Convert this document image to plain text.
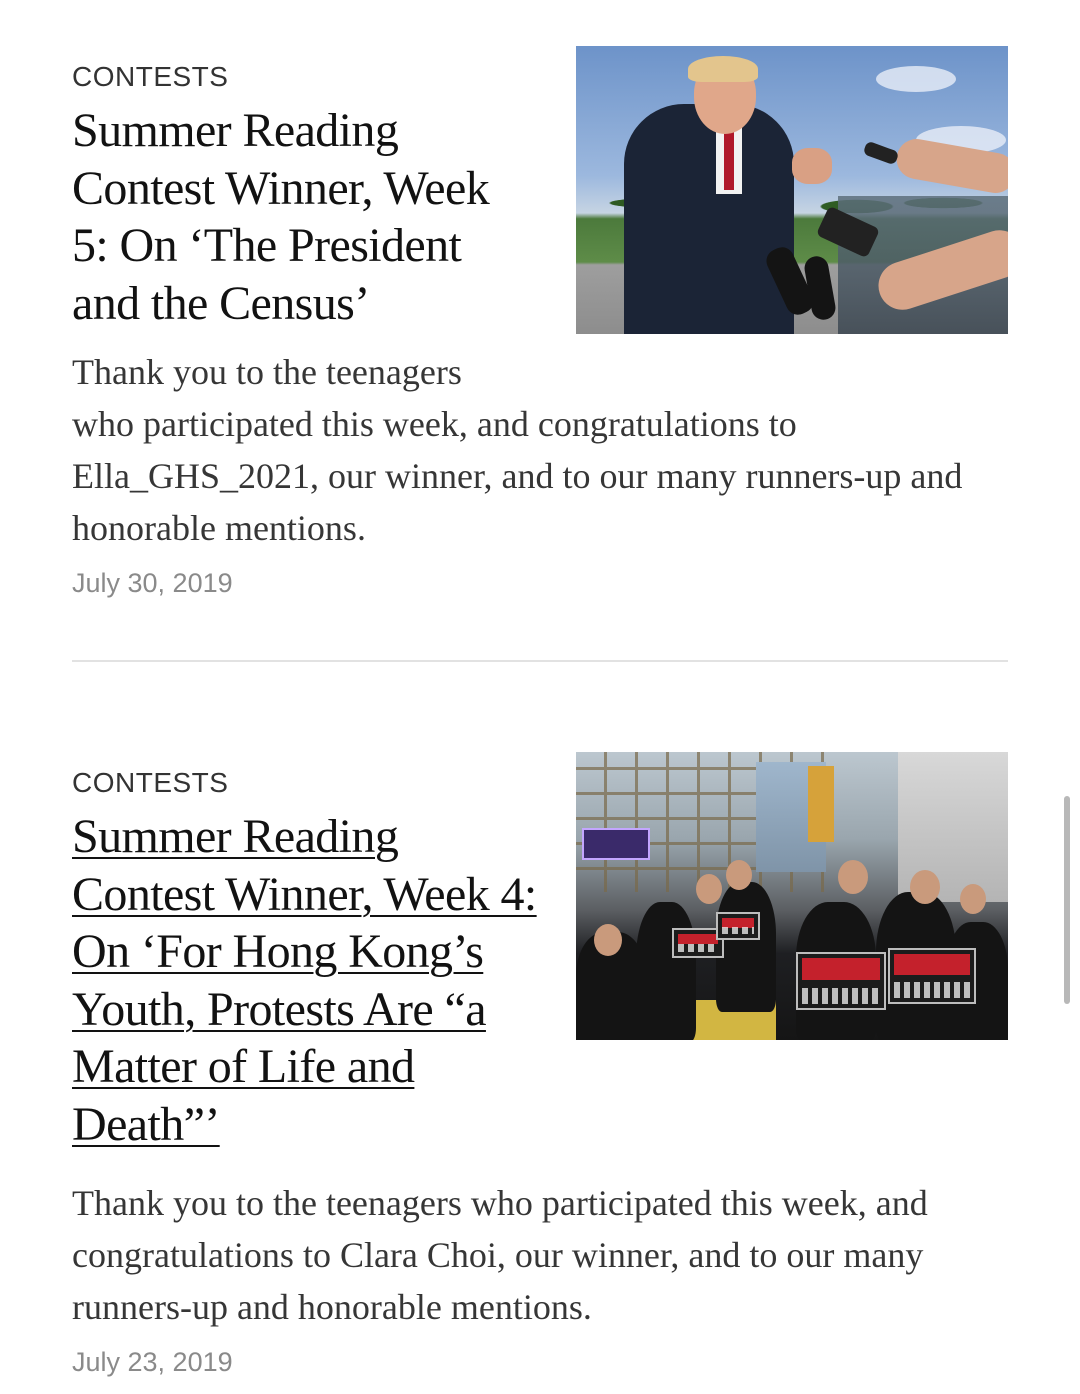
CONTESTS
Summer Reading Contest Winner, Week 5: On ‘The President and the Census’
Thank you to the teenagers
who participated this week, and congratulations to Ella_GHS_2021, our winner, and to our many runners-up and honorable mentions.
July 30, 2019
CONTESTS
Summer Reading Contest Winner, Week 4: On ‘For Hong Kong’s Youth, Protests Are “a Matter of Life and Death”’
Thank you to the teenagers who participated this week, and congratulations to Clara Choi, our winner, and to our many runners-up and honorable mentions.
July 23, 2019
